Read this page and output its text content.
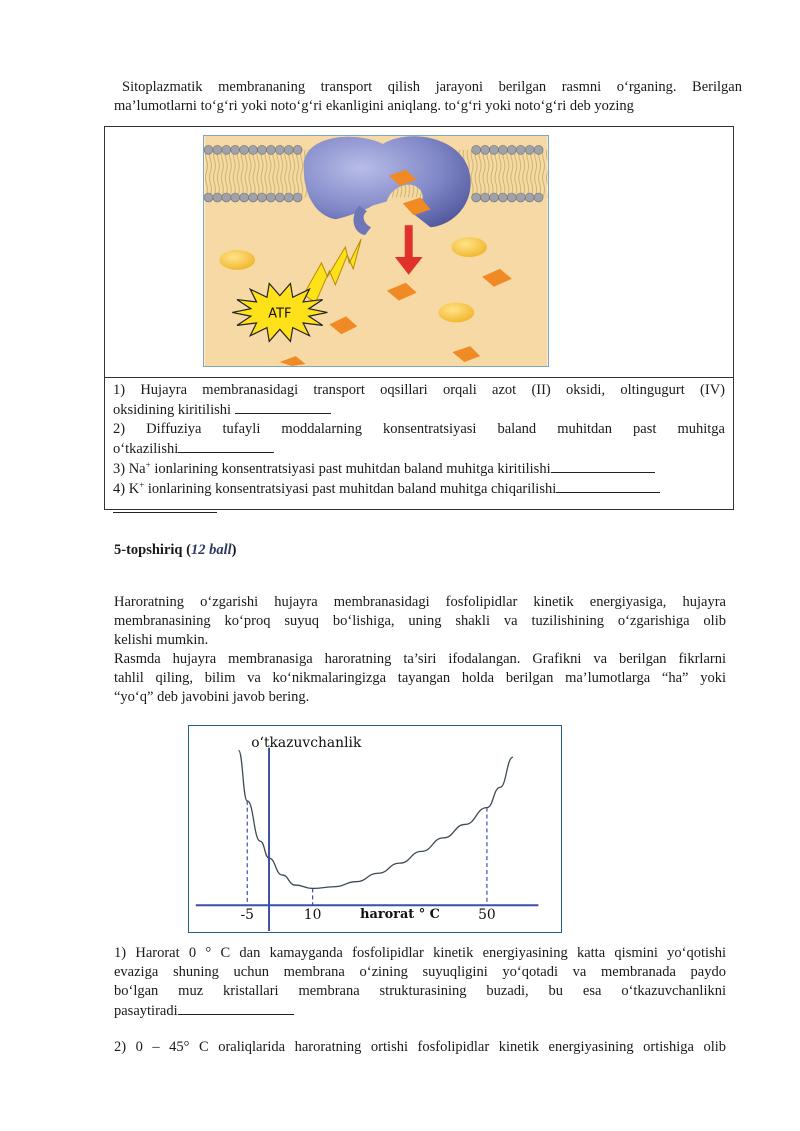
Sitoplazmatik membrananing transport qilish jarayoni berilgan rasmni o‘rganing. Berilgan

ma’lumotlarni to‘g‘ri yoki noto‘g‘ri ekanligini aniqlang. to‘g‘ri yoki noto‘g‘ri deb yozing

ATF
1) Hujayra membranasidagi transport oqsillari orqali azot (II) oksidi, oltingugurt (IV)
oksidining kiritilishi
2) Diffuziya tufayli moddalarning konsentratsiyasi baland muhitdan past muhitga
o‘tkazilishi
3) Na+ ionlarining konsentratsiyasi past muhitdan baland muhitga kiritilishi
4) K+ ionlarining konsentratsiyasi past muhitdan baland muhitga chiqarilishi
5-topshiriq (12 ball)

Haroratning o‘zgarishi hujayra membranasidagi fosfolipidlar kinetik energiyasiga, hujayra

membranasining ko‘proq suyuq bo‘lishiga, uning shakli va tuzilishining o‘zgarishiga olib

kelishi mumkin.

Rasmda hujayra membranasiga haroratning ta’siri ifodalangan. Grafikni va berilgan fikrlarni

tahlil qiling, bilim va ko‘nikmalaringizga tayangan holda berilgan ma’lumotlarga “ha” yoki

“yo‘q” deb javobini javob bering.

o‘tkazuvchanlik
-5	10	50
harorat ° C

1) Harorat 0 ° C dan kamayganda fosfolipidlar kinetik energiyasining katta qismini yo‘qotishi

evaziga shuning uchun membrana o‘zining suyuqligini yo‘qotadi va membranada paydo

bo‘lgan muz kristallari membrana strukturasining buzadi, bu esa o‘tkazuvchanlikni

pasaytiradi

2) 0 – 45° C oraliqlarida haroratning ortishi fosfolipidlar kinetik energiyasining ortishiga olib
